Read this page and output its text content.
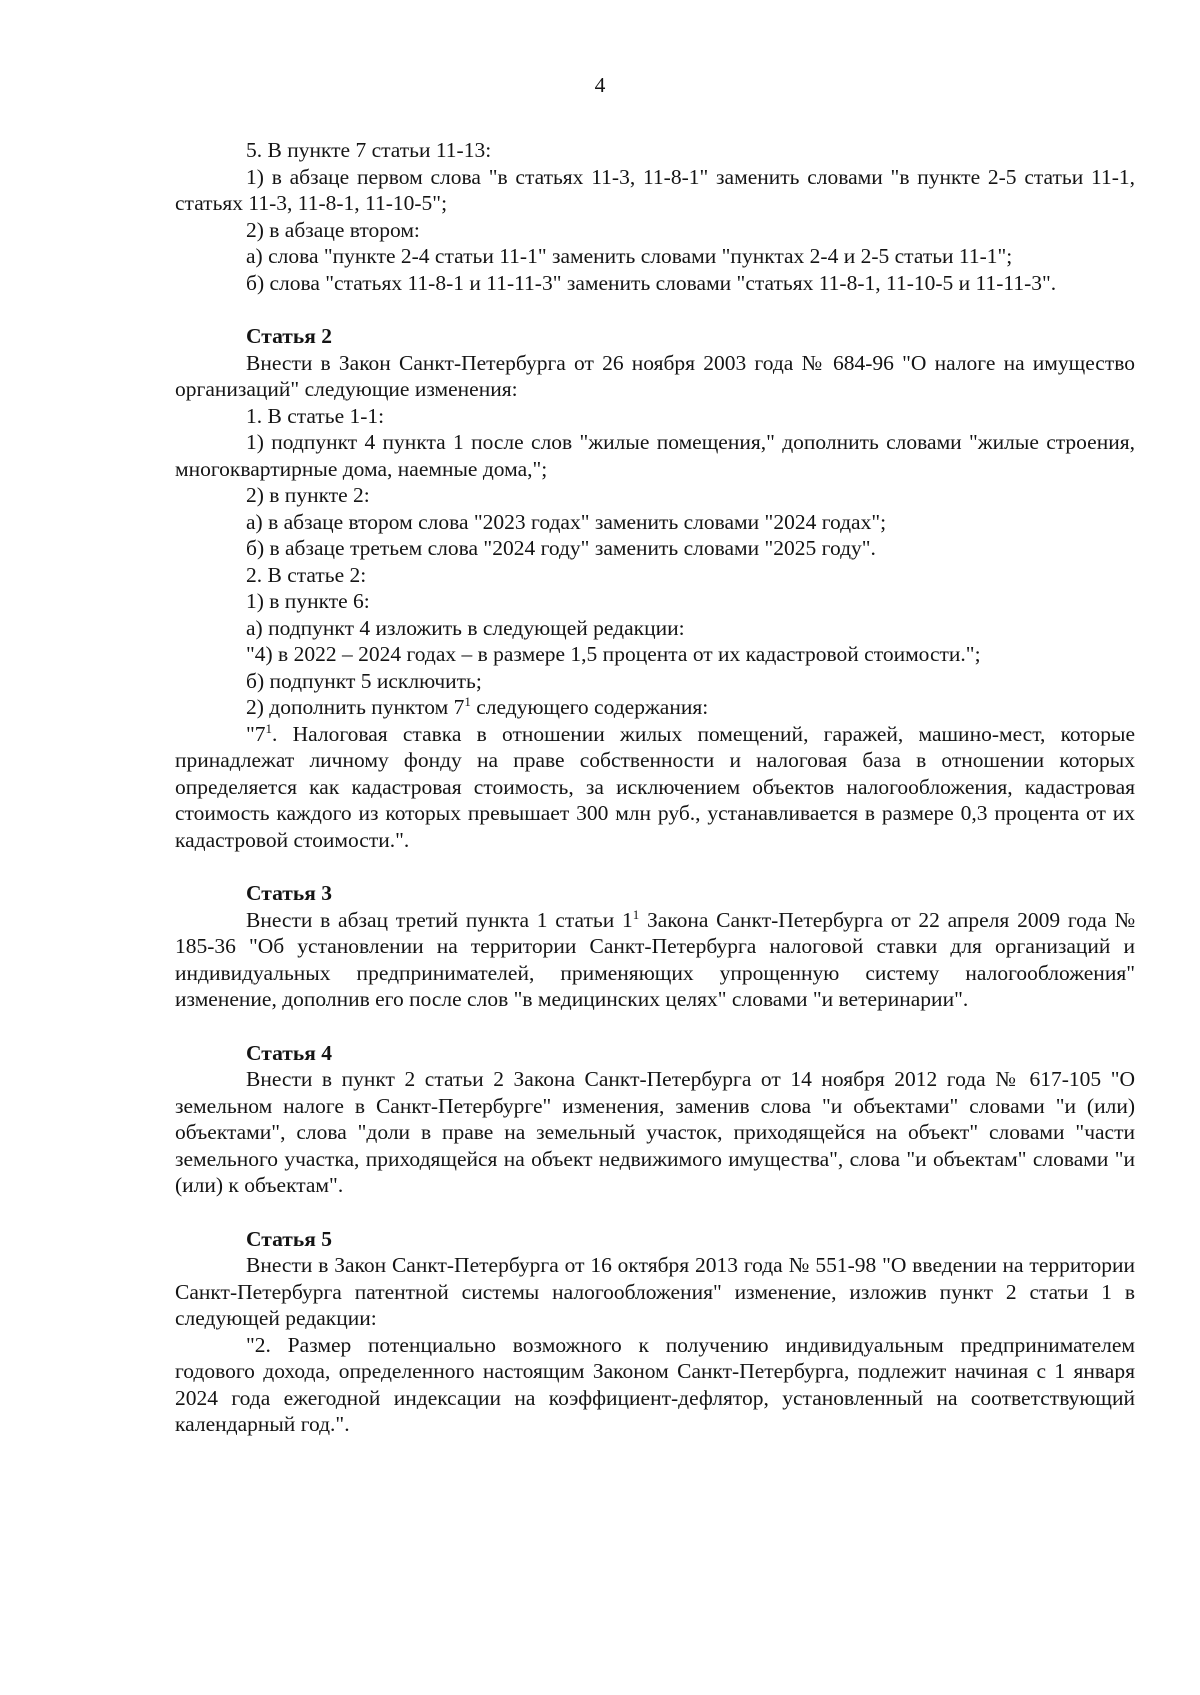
4

5. В пункте 7 статьи 11-13:

1) в абзаце первом слова "в статьях 11-3, 11-8-1" заменить словами "в пункте 2-5 статьи 11-1, статьях 11-3, 11-8-1, 11-10-5";

2) в абзаце втором:

а) слова "пункте 2-4 статьи 11-1" заменить словами "пунктах 2-4 и 2-5 статьи 11-1";

б) слова "статьях 11-8-1 и 11-11-3" заменить словами "статьях 11-8-1, 11-10-5 и 11-11-3".

Статья 2

Внести в Закон Санкт-Петербурга от 26 ноября 2003 года № 684-96 "О налоге на имущество организаций" следующие изменения:

1. В статье 1-1:

1) подпункт 4 пункта 1 после слов "жилые помещения," дополнить словами "жилые строения, многоквартирные дома, наемные дома,";

2) в пункте 2:

а) в абзаце втором слова "2023 годах" заменить словами "2024 годах";

б) в абзаце третьем слова "2024 году" заменить словами "2025 году".

2. В статье 2:

1) в пункте 6:

а) подпункт 4 изложить в следующей редакции:

"4) в 2022 – 2024 годах – в размере 1,5 процента от их кадастровой стоимости.";

б) подпункт 5 исключить;

2) дополнить пунктом $7^1$ следующего содержания:

"$7^1$. Налоговая ставка в отношении жилых помещений, гаражей, машино-мест, которые принадлежат личному фонду на праве собственности и налоговая база в отношении которых определяется как кадастровая стоимость, за исключением объектов налогообложения, кадастровая стоимость каждого из которых превышает 300 млн руб., устанавливается в размере 0,3 процента от их кадастровой стоимости.".

Статья 3

Внести в абзац третий пункта 1 статьи $1^1$ Закона Санкт-Петербурга от 22 апреля 2009 года № 185-36 "Об установлении на территории Санкт-Петербурга налоговой ставки для организаций и индивидуальных предпринимателей, применяющих упрощенную систему налогообложения" изменение, дополнив его после слов "в медицинских целях" словами "и ветеринарии".

Статья 4

Внести в пункт 2 статьи 2 Закона Санкт-Петербурга от 14 ноября 2012 года № 617-105 "О земельном налоге в Санкт-Петербурге" изменения, заменив слова "и объектами" словами "и (или) объектами", слова "доли в праве на земельный участок, приходящейся на объект" словами "части земельного участка, приходящейся на объект недвижимого имущества", слова "и объектам" словами "и (или) к объектам".

Статья 5

Внести в Закон Санкт-Петербурга от 16 октября 2013 года № 551-98 "О введении на территории Санкт-Петербурга патентной системы налогообложения" изменение, изложив пункт 2 статьи 1 в следующей редакции:

"2. Размер потенциально возможного к получению индивидуальным предпринимателем годового дохода, определенного настоящим Законом Санкт-Петербурга, подлежит начиная с 1 января 2024 года ежегодной индексации на коэффициент-дефлятор, установленный на соответствующий календарный год.".
